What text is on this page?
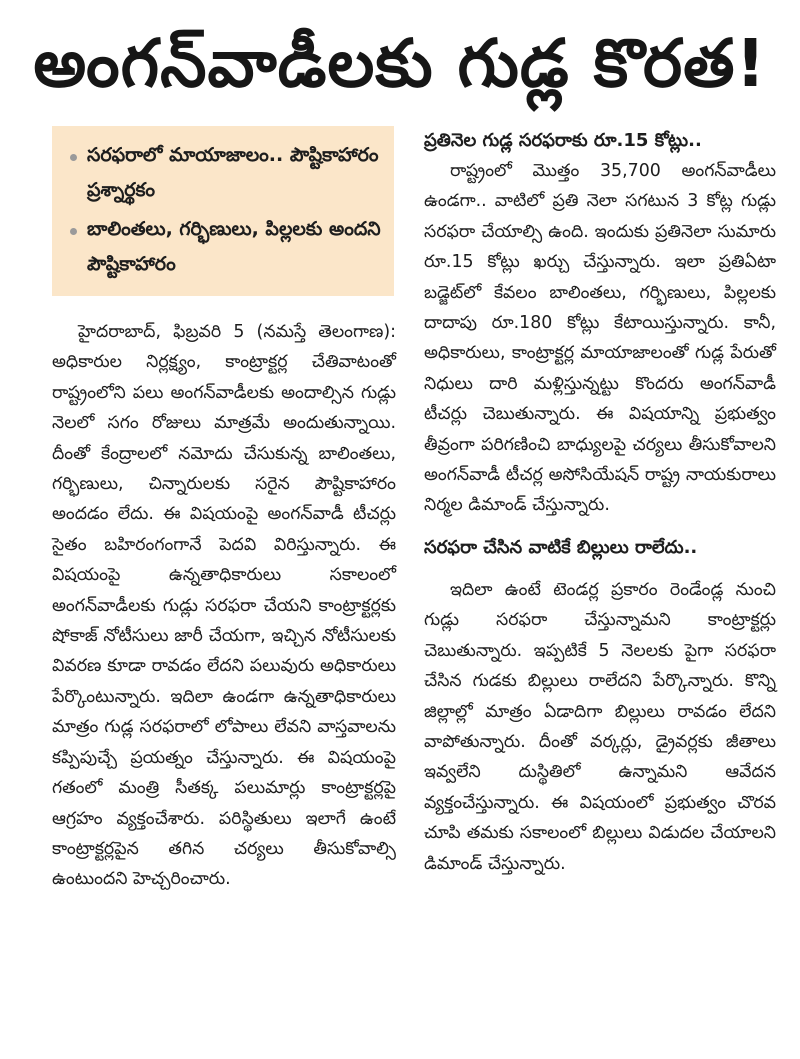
అంగన్‌వాడీలకు గుడ్ల కొరత!
సరఫరాలో మాయాజాలం.. పౌష్టికాహారం ప్రశ్నార్థకం
బాలింతలు, గర్భిణులు, పిల్లలకు అందని పౌష్టికాహారం

హైదరాబాద్, ఫిబ్రవరి 5 (నమస్తే తెలంగాణ): అధికారుల నిర్లక్ష్యం, కాంట్రాక్టర్ల చేతివాటంతో రాష్ట్రంలోని పలు అంగన్‌వాడీలకు అందాల్సిన గుడ్లు నెలలో సగం రోజులు మాత్రమే అందుతున్నాయి. దీంతో కేంద్రాలలో నమోదు చేసుకున్న బాలింతలు, గర్భిణులు, చిన్నారులకు సరైన పౌష్టికాహారం అందడం లేదు. ఈ విషయంపై అంగన్‌వాడీ టీచర్లు సైతం బహిరంగంగానే పెదవి విరిస్తున్నారు. ఈ విషయంపై ఉన్నతాధికారులు సకాలంలో అంగన్‌వాడీలకు గుడ్లు సరఫరా చేయని కాంట్రాక్టర్లకు షోకాజ్ నోటీసులు జారీ చేయగా, ఇచ్చిన నోటీసులకు వివరణ కూడా రావడం లేదని పలువురు అధికారులు పేర్కొంటున్నారు. ఇదిలా ఉండగా ఉన్నతాధికారులు మాత్రం గుడ్ల సరఫరాలో లోపాలు లేవని వాస్తవాలను కప్పిపుచ్చే ప్రయత్నం చేస్తున్నారు. ఈ విషయంపై గతంలో మంత్రి సీతక్క పలుమార్లు కాంట్రాక్టర్లపై ఆగ్రహం వ్యక్తంచేశారు. పరిస్థితులు ఇలాగే ఉంటే కాంట్రాక్టర్లపైన తగిన చర్యలు తీసుకోవాల్సి ఉంటుందని హెచ్చరించారు.

ప్రతినెల గుడ్ల సరఫరాకు రూ.15 కోట్లు..

రాష్ట్రంలో మొత్తం 35,700 అంగన్‌వాడీలు ఉండగా.. వాటిలో ప్రతి నెలా సగటున 3 కోట్ల గుడ్లు సరఫరా చేయాల్సి ఉంది. ఇందుకు ప్రతినెలా సుమారు రూ.15 కోట్లు ఖర్చు చేస్తున్నారు. ఇలా ప్రతిఏటా బడ్జెట్‌లో కేవలం బాలింతలు, గర్భిణులు, పిల్లలకు దాదాపు రూ.180 కోట్లు కేటాయిస్తున్నారు. కానీ, అధికారులు, కాంట్రాక్టర్ల మాయాజాలంతో గుడ్ల పేరుతో నిధులు దారి మళ్లిస్తున్నట్టు కొందరు అంగన్‌వాడీ టీచర్లు చెబుతున్నారు. ఈ విషయాన్ని ప్రభుత్వం తీవ్రంగా పరిగణించి బాధ్యులపై చర్యలు తీసుకోవాలని అంగన్‌వాడీ టీచర్ల అసోసియేషన్ రాష్ట్ర నాయకురాలు నిర్మల డిమాండ్ చేస్తున్నారు.

సరఫరా చేసిన వాటికే బిల్లులు రాలేదు..

ఇదిలా ఉంటే టెండర్ల ప్రకారం రెండేండ్ల నుంచి గుడ్లు సరఫరా చేస్తున్నామని కాంట్రాక్టర్లు చెబుతున్నారు. ఇప్పటికే 5 నెలలకు పైగా సరఫరా చేసిన గుడకు బిల్లులు రాలేదని పేర్కొన్నారు. కొన్ని జిల్లాల్లో మాత్రం ఏడాదిగా బిల్లులు రావడం లేదని వాపోతున్నారు. దీంతో వర్కర్లు, డ్రైవర్లకు జీతాలు ఇవ్వలేని దుస్థితిలో ఉన్నామని ఆవేదన వ్యక్తంచేస్తున్నారు. ఈ విషయంలో ప్రభుత్వం చొరవ చూపి తమకు సకాలంలో బిల్లులు విడుదల చేయాలని డిమాండ్ చేస్తున్నారు.
